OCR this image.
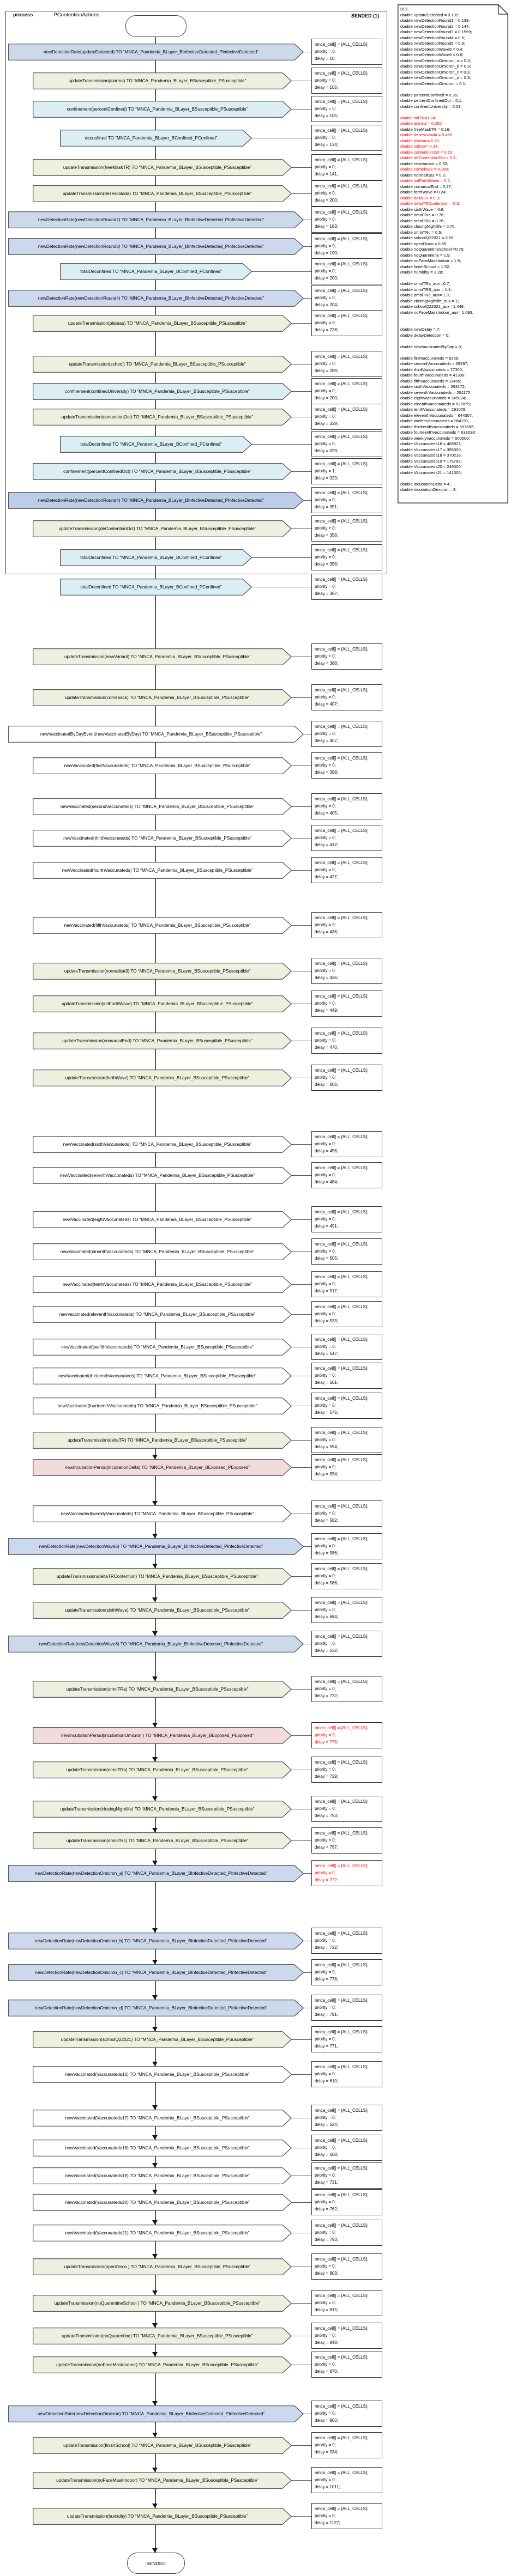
process	PContentionActions	SENDED (1)
newDetectionRate(updateDetected) TO “MNCA_Pandemia_BLayer_BInfectiveDetected_PInfectiveDetected”
mnca_cell[] = {ALL_CELLS};
priority = 0;
delay = 10;
updateTransmission(alarma) TO “MNCA_Pandemia_BLayer_BSusceptible_PSusceptible”
mnca_cell[] = {ALL_CELLS};
priority = 0;
delay = 105;
confinement(percentConfined) TO “MNCA_Pandemia_BLayer_BSusceptible_PSusceptible”
mnca_cell[] = {ALL_CELLS};
priority = 0;
delay = 105;
deconfined TO “MNCA_Pandemia_BLayer_BConfined_PConfined”
mnca_cell[] = {ALL_CELLS};
priority = 0;
delay = 134;
updateTransmission(freeMaskTR) TO “MNCA_Pandemia_BLayer_BSusceptible_PSusceptible”
mnca_cell[] = {ALL_CELLS};
priority = 0;
delay = 141;
updateTransmission(desescalada) TO “MNCA_Pandemia_BLayer_BSusceptible_PSusceptible”
mnca_cell[] = {ALL_CELLS};
priority = 0;
delay = 200;
newDetectionRate(newDetectionRound2) TO “MNCA_Pandemia_BLayer_BInfectiveDetected_PInfectiveDetected”
mnca_cell[] = {ALL_CELLS};
priority = 0;
delay = 183;
newDetectionRate(newDetectionRound3) TO “MNCA_Pandemia_BLayer_BInfectiveDetected_PInfectiveDetected”
mnca_cell[] = {ALL_CELLS};
priority = 0;
delay = 190;
totalDeconfined TO “MNCA_Pandemia_BLayer_BConfined_PConfined”
mnca_cell[] = {ALL_CELLS};
priority = 0;
delay = 200;
newDetectionRate(newDetectionRound4) TO “MNCA_Pandemia_BLayer_BInfectiveDetected_PInfectiveDetected”
mnca_cell[] = {ALL_CELLS};
priority = 0;
delay = 204;
updateTransmission(plateau) TO “MNCA_Pandemia_BLayer_BSusceptible_PSusceptible”
mnca_cell[] = {ALL_CELLS};
priority = 0;
delay = 228;
updateTransmission(school) TO “MNCA_Pandemia_BLayer_BSusceptible_PSusceptible”
mnca_cell[] = {ALL_CELLS};
priority = 0;
delay = 289;
confinement(confinedUniversity) TO “MNCA_Pandemia_BLayer_BSusceptible_PSusceptible”
mnca_cell[] = {ALL_CELLS};
priority = 0;
delay = 200;
updateTransmission(contentionOct) TO “MNCA_Pandemia_BLayer_BSusceptible_PSusceptible”
mnca_cell[] = {ALL_CELLS};
priority = 0;
delay = 329;
totalDeconfined TO “MNCA_Pandemia_BLayer_BConfined_PConfined”
mnca_cell[] = {ALL_CELLS};
priority = 0;
delay = 329;
confinement(percentConfinedOct) TO “MNCA_Pandemia_BLayer_BSusceptible_PSusceptible”
mnca_cell[] = {ALL_CELLS};
priority = 1;
delay = 329;
newDetectionRate(newDetectionRound4) TO “MNCA_Pandemia_BLayer_BInfectiveDetected_PInfectiveDetected”
mnca_cell[] = {ALL_CELLS};
priority = 0;
delay = 351;
updateTransmission(deContentionOct) TO “MNCA_Pandemia_BLayer_BSusceptible_PSusceptible”
mnca_cell[] = {ALL_CELLS};
priority = 0;
delay = 358;
totalDeconfined TO “MNCA_Pandemia_BLayer_BConfined_PConfined”
mnca_cell[] = {ALL_CELLS};
priority = 0;
delay = 358;
totalDeconfined TO “MNCA_Pandemia_BLayer_BConfined_PConfined”
mnca_cell[] = {ALL_CELLS};
priority = 0;
delay = 387;
updateTransmission(newVariant) TO “MNCA_Pandemia_BLayer_BSusceptible_PSusceptible”
mnca_cell[] = {ALL_CELLS};
priority = 0;
delay = 388;
updateTransmission(comeback) TO “MNCA_Pandemia_BLayer_BSusceptible_PSusceptible”
mnca_cell[] = {ALL_CELLS};
priority = 0;
delay = 407;
newVaccinatedByDayEvent(newVaccinatedByDay) TO “MNCA_Pandemia_BLayer_BSusceptible_PSusceptible”
mnca_cell[] = {ALL_CELLS};
priority = 0;
delay = 407;
newVaccinated(firstVaccunateds) TO “MNCA_Pandemia_BLayer_BSusceptible_PSusceptible”
mnca_cell[] = {ALL_CELLS};
priority = 0;
delay = 398;
newVaccinated(secondVaccunateds) TO “MNCA_Pandemia_BLayer_BSusceptible_PSusceptible”
mnca_cell[] = {ALL_CELLS};
priority = 0;
delay = 405;
newVaccinated(thirdVaccunateds) TO “MNCA_Pandemia_BLayer_BSusceptible_PSusceptible”
mnca_cell[] = {ALL_CELLS};
priority = 0;
delay = 412;
newVaccinated(fourthVaccunateds) TO “MNCA_Pandemia_BLayer_BSusceptible_PSusceptible”
mnca_cell[] = {ALL_CELLS};
priority = 0;
delay = 427;
newVaccinated(fifthVaccunateds) TO “MNCA_Pandemia_BLayer_BSusceptible_PSusceptible”
mnca_cell[] = {ALL_CELLS};
priority = 0;
delay = 436;
updateTransmission(normalitat3) TO “MNCA_Pandemia_BLayer_BSusceptible_PSusceptible”
mnca_cell[] = {ALL_CELLS};
priority = 0;
delay = 436;
updateTransmission(initForthWave) TO “MNCA_Pandemia_BLayer_BSusceptible_PSusceptible”
mnca_cell[] = {ALL_CELLS};
priority = 0;
delay = 449;
updateTransmission(comarcalEnd) TO “MNCA_Pandemia_BLayer_BSusceptible_PSusceptible”
mnca_cell[] = {ALL_CELLS};
priority = 0;
delay = 470;
updateTransmission(forthWave) TO “MNCA_Pandemia_BLayer_BSusceptible_PSusceptible”
mnca_cell[] = {ALL_CELLS};
priority = 0;
delay = 505;
newVaccinated(sixthVaccunateds) TO “MNCA_Pandemia_BLayer_BSusceptible_PSusceptible”
mnca_cell[] = {ALL_CELLS};
priority = 0;
delay = 456;
newVaccinated(seventhVaccunateds) TO “MNCA_Pandemia_BLayer_BSusceptible_PSusceptible”
mnca_cell[] = {ALL_CELLS};
priority = 0;
delay = 484;
newVaccinated(eigthVaccunateds) TO “MNCA_Pandemia_BLayer_BSusceptible_PSusceptible”
mnca_cell[] = {ALL_CELLS};
priority = 0;
delay = 491;
newVaccinated(ninenthVaccunateds) TO “MNCA_Pandemia_BLayer_BSusceptible_PSusceptible”
mnca_cell[] = {ALL_CELLS};
priority = 0;
delay = 505;
newVaccinated(tenthVaccunateds) TO “MNCA_Pandemia_BLayer_BSusceptible_PSusceptible”
mnca_cell[] = {ALL_CELLS};
priority = 0;
delay = 517;
newVaccinated(eleventhVaccunateds) TO “MNCA_Pandemia_BLayer_BSusceptible_PSusceptible”
mnca_cell[] = {ALL_CELLS};
priority = 0;
delay = 533;
newVaccinated(twelfthVaccunateds) TO “MNCA_Pandemia_BLayer_BSusceptible_PSusceptible”
mnca_cell[] = {ALL_CELLS};
priority = 0;
delay = 547;
newVaccinated(thirteenthVaccunateds) TO “MNCA_Pandemia_BLayer_BSusceptible_PSusceptible”
mnca_cell[] = {ALL_CELLS};
priority = 0;
delay = 561;
newVaccinated(fourteenthVaccunateds) TO “MNCA_Pandemia_BLayer_BSusceptible_PSusceptible”
mnca_cell[] = {ALL_CELLS};
priority = 0;
delay = 575;
updateTransmission(deltaTR) TO “MNCA_Pandemia_BLayer_BSusceptible_PSusceptible”
mnca_cell[] = {ALL_CELLS};
priority = 0;
delay = 554;
newIncubationPeriod(incubationDelta) TO “MNCA_Pandemia_BLayer_BExposed_PExposed”
mnca_cell[] = {ALL_CELLS};
priority = 0;
delay = 554;
newVaccinated(weeklyVaccunateds) TO “MNCA_Pandemia_BLayer_BSusceptible_PSusceptible”
mnca_cell[] = {ALL_CELLS};
priority = 0;
delay = 582;
newDetectionRate(newDetectionWave5) TO “MNCA_Pandemia_BLayer_BInfectiveDetected_PInfectiveDetected”
mnca_cell[] = {ALL_CELLS};
priority = 0;
delay = 586;
updateTransmission(deltaTRContention) TO “MNCA_Pandemia_BLayer_BSusceptible_PSusceptible”
mnca_cell[] = {ALL_CELLS};
priority = 0;
delay = 586;
updateTransmission(sixthWave) TO “MNCA_Pandemia_BLayer_BSusceptible_PSusceptible”
mnca_cell[] = {ALL_CELLS};
priority = 0;
delay = 684;
newDetectionRate(newDetectionWave6) TO “MNCA_Pandemia_BLayer_BInfectiveDetected_PInfectiveDetected”
mnca_cell[] = {ALL_CELLS};
priority = 0;
delay = 632;
updateTransmission(omniTRa) TO “MNCA_Pandemia_BLayer_BSusceptible_PSusceptible”
mnca_cell[] = {ALL_CELLS};
priority = 0;
delay = 722;
newIncubationPeriod(incubationOmicron ) TO “MNCA_Pandemia_BLayer_BExposed_PExposed”
mnca_cell[] = {ALL_CELLS};
priority = 0;
delay = 778;
updateTransmission(omniTRb) TO “MNCA_Pandemia_BLayer_BSusceptible_PSusceptible”
mnca_cell[] = {ALL_CELLS};
priority = 0;
delay = 729;
updateTransmission(closingNightlife) TO “MNCA_Pandemia_BLayer_BSusceptible_PSusceptible”
mnca_cell[] = {ALL_CELLS};
priority = 0;
delay = 753;
updateTransmission(omniTRc) TO “MNCA_Pandemia_BLayer_BSusceptible_PSusceptible”
mnca_cell[] = {ALL_CELLS};
priority = 0;
delay = 757;
newDetectionRate(newDetectionOmicron_a) TO “MNCA_Pandemia_BLayer_BInfectiveDetected_PInfectiveDetected”
mnca_cell[] = {ALL_CELLS};
priority = 0;
delay = 722;
newDetectionRate(newDetectionOmicron_b) TO “MNCA_Pandemia_BLayer_BInfectiveDetected_PInfectiveDetected”
mnca_cell[] = {ALL_CELLS};
priority = 0;
delay = 722;
newDetectionRate(newDetectionOmicron_c) TO “MNCA_Pandemia_BLayer_BInfectiveDetected_PInfectiveDetected”
mnca_cell[] = {ALL_CELLS};
priority = 0;
delay = 778;
newDetectionRate(newDetectionOmicron_d) TO “MNCA_Pandemia_BLayer_BInfectiveDetected_PInfectiveDetected”
mnca_cell[] = {ALL_CELLS};
priority = 0;
delay = 791;
updateTransmission(schoolQ22021) TO “MNCA_Pandemia_BLayer_BSusceptible_PSusceptible”
mnca_cell[] = {ALL_CELLS};
priority = 0;
delay = 771;
newVaccinated(Vaccunateds16) TO “MNCA_Pandemia_BLayer_BSusceptible_PSusceptible”
mnca_cell[] = {ALL_CELLS};
priority = 0;
delay = 610;
newVaccinated(Vaccunateds17) TO “MNCA_Pandemia_BLayer_BSusceptible_PSusceptible”
mnca_cell[] = {ALL_CELLS};
priority = 0;
delay = 624;
newVaccinated(Vaccunateds18) TO “MNCA_Pandemia_BLayer_BSusceptible_PSusceptible”
mnca_cell[] = {ALL_CELLS};
priority = 0;
delay = 668;
newVaccinated(Vaccunateds19) TO “MNCA_Pandemia_BLayer_BSusceptible_PSusceptible”
mnca_cell[] = {ALL_CELLS};
priority = 0;
delay = 731;
newVaccinated(Vaccunateds20) TO “MNCA_Pandemia_BLayer_BSusceptible_PSusceptible”
mnca_cell[] = {ALL_CELLS};
priority = 0;
delay = 762;
newVaccinated(Vaccunateds21) TO “MNCA_Pandemia_BLayer_BSusceptible_PSusceptible”
mnca_cell[] = {ALL_CELLS};
priority = 0;
delay = 793;
updateTransmission(openDisco ) TO “MNCA_Pandemia_BLayer_BSusceptible_PSusceptible”
mnca_cell[] = {ALL_CELLS};
priority = 0;
delay = 803;
updateTransmission(noQuarentineSchool ) TO “MNCA_Pandemia_BLayer_BSusceptible_PSusceptible”
mnca_cell[] = {ALL_CELLS};
priority = 0;
delay = 815;
updateTransmission(noQuarentine) TO “MNCA_Pandemia_BLayer_BSusceptible_PSusceptible”
mnca_cell[] = {ALL_CELLS};
priority = 0;
delay = 848;
updateTransmission(noFaceMaskIndoor) TO “MNCA_Pandemia_BLayer_BSusceptible_PSusceptible”
mnca_cell[] = {ALL_CELLS};
priority = 0;
delay = 870;
newDetectionRate(newDetectionOmicron) TO “MNCA_Pandemia_BLayer_BInfectiveDetected_PInfectiveDetected”
mnca_cell[] = {ALL_CELLS};
priority = 0;
delay = 900;
updateTransmission(finishSchool) TO “MNCA_Pandemia_BLayer_BSusceptible_PSusceptible”
mnca_cell[] = {ALL_CELLS};
priority = 0;
delay = 934;
updateTransmission(noFaceMaskIndoor) TO “MNCA_Pandemia_BLayer_BSusceptible_PSusceptible”
mnca_cell[] = {ALL_CELLS};
priority = 0;
delay = 1011;
updateTransmission(humidity) TO “MNCA_Pandemia_BLayer_BSusceptible_PSusceptible”
mnca_cell[] = {ALL_CELLS};
priority = 0;
delay = 1127;
SENDED
DCL
double updateDetected = 0.139;
double newDetectionRound1 = 0.139;
double newDetectionRound2 = 0.144;
double newDetectionRound3 = 0.1559;
double newDetectionRound4 = 0.6;
double newDetectionRound5 = 0.6;
double newDetectionWave5 = 0.4;
double newDetectionWave6 = 0.6;
double newDetectionOmicron_a = 0.3;
double newDetectionOmicron_b = 0.3;
double newDetectionOmicron_c = 0.3;
double newDetectionOmicron_d = 0.3;
double newDetectionOmicron = 0.1;

double percentConfined = 0.35;
double percentConfinedOct = 0.1;
double confinedUniversity = 0.03;

double initTR=1.24;
double alarma = 0.250;
double freeMaskTR = 0.16;
double desescalada = 0.465;
double plateau= 0.21;
double school= 0.34;
double contentionOct = 0.15;
double deContentionOct = 0.3;
double newVariant = 0.32;
double comeback = 0.180;
double normalitat3 = 0.2;
double initForthWave = 0.2;
double comarcalEnd = 0.27;
double forthWave = 0.24;
double deltaTR = 0.9;
double deltaTRContention = 0.3;
double sixthWave = 0.6;
double omniTRa = 0.76;
double omniTRb = 0.76;
double closingNightlife = 0.76;
double omniTRc = 0.5;
double schoolQ22021 = 0.65;
double openDisco = 0.65;
double noQuarentineSchool =0.76;
double noQuarentine = 1.9;
double noFaceMaskIndoor = 1.9;
double finishSchool = 1.32;
double humidity = 2.28;

double omniTRa_aux =0.7;
double omniTRB_aux = 1.4;
double omniTRc_aux= 1.3;
double closingNightlife_aux = 1;
double schoolQ22021_aux =1.448;
double noFaceMaskIndoor_aux= 1.693;

double newDelay = 7;
double delayDetection = 0;

double newVaccinatedByDay = 0;

double firstVaccunateds = 8368;
double secondVaccunateds = 59297;
double thirdVaccunateds = 77300;
double fourthVaccunateds = 41308;
double fifthVaccunateds = 11455;
double sixthVaccunateds = 293172;
double seventhVaccunateds = 291172;
double eigthVaccunateds = 345024;
double ninenthVaccunateds = 527875;
double tenthVaccunateds = 291078;
double eleventhVaccunateds = 644307;
double twelfthVaccunateds = 364191;
double thirteenthVaccunateds = 597892;
double fourteenthVaccunateds = 638038;
double weeklyVaccunateds = 500000;
double Vaccunateds16 = 489923;
double Vaccunateds17 = 395300;
double Vaccunateds18 = 370218;
double Vaccunateds19 = 175782;
double Vaccunateds20 = 249000;
double Vaccunateds21 = 141000;

double incubationDelta = 4;
double incubationOmicron = 3;
